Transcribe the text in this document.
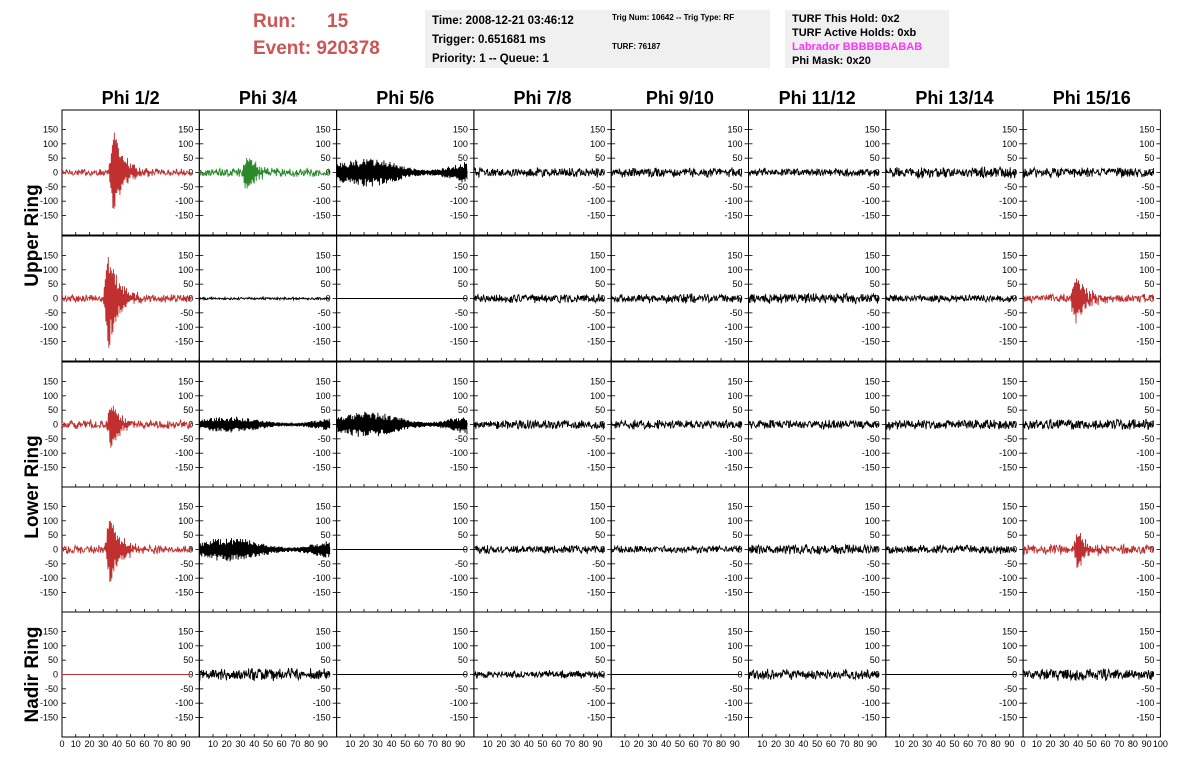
Run: 15
Event: 920378
Time: 2008-12-21 03:46:12
Trigger: 0.651681 ms
Priority: 1 -- Queue: 1
Trig Num: 10642 -- Trig Type: RF
TURF: 76187
TURF This Hold: 0x2
TURF Active Holds: 0xb
Labrador BBBBBBABAB
Phi Mask: 0x20
Phi 1/2	Phi 3/4	Phi 5/6	Phi 7/8	Phi 9/10	Phi 11/12	Phi 13/14	Phi 15/16
Upper Ring
Lower Ring
Nadir Ring
150
150
100
100
50
50
0
0
-50
-50
-100
-100
-150
-150
150
100
50
0
-50
-100
-150
150
100
50
0
-50
-100
-150
150
100
50
0
-50
-100
-150
150
100
50
0
-50
-100
-150
150
100
50
0
-50
-100
-150
150
100
50
0
-50
-100
-150
150
100
50
0
-50
-100
-150
150
150
100
100
50
50
0
0
-50
-50
-100
-100
-150
-150
150
100
50
0
-50
-100
-150
150
100
50
0
-50
-100
-150
150
100
50
0
-50
-100
-150
150
100
50
0
-50
-100
-150
150
100
50
0
-50
-100
-150
150
100
50
0
-50
-100
-150
150
100
50
0
-50
-100
-150
150
150
100
100
50
50
0
0
-50
-50
-100
-100
-150
-150
150
100
50
0
-50
-100
-150
150
100
50
0
-50
-100
-150
150
100
50
0
-50
-100
-150
150
100
50
0
-50
-100
-150
150
100
50
0
-50
-100
-150
150
100
50
0
-50
-100
-150
150
100
50
0
-50
-100
-150
150
150
100
100
50
50
0
0
-50
-50
-100
-100
-150
-150
150
100
50
0
-50
-100
-150
150
100
50
0
-50
-100
-150
150
100
50
0
-50
-100
-150
150
100
50
0
-50
-100
-150
150
100
50
0
-50
-100
-150
150
100
50
0
-50
-100
-150
150
100
50
0
-50
-100
-150
150
150
100
100
50
50
0
0
-50
-50
-100
-100
-150
-150
150
100
50
0
-50
-100
-150
150
100
50
0
-50
-100
-150
150
100
50
0
-50
-100
-150
150
100
50
0
-50
-100
-150
150
100
50
0
-50
-100
-150
150
100
50
0
-50
-100
-150
150
100
50
0
-50
-100
-150
0 10 20 30 40 50 60 70 80 90 10 20 30 40 50 60 70 80 90 10 20 30 40 50 60 70 80 90 10 20 30 40 50 60 70 80 90 10 20 30 40 50 60 70 80 90 10 20 30 40 50 60 70 80 90 10 20 30 40 50 60 70 80 90 0 10 20 30 40 50 60 70 80 90 100
